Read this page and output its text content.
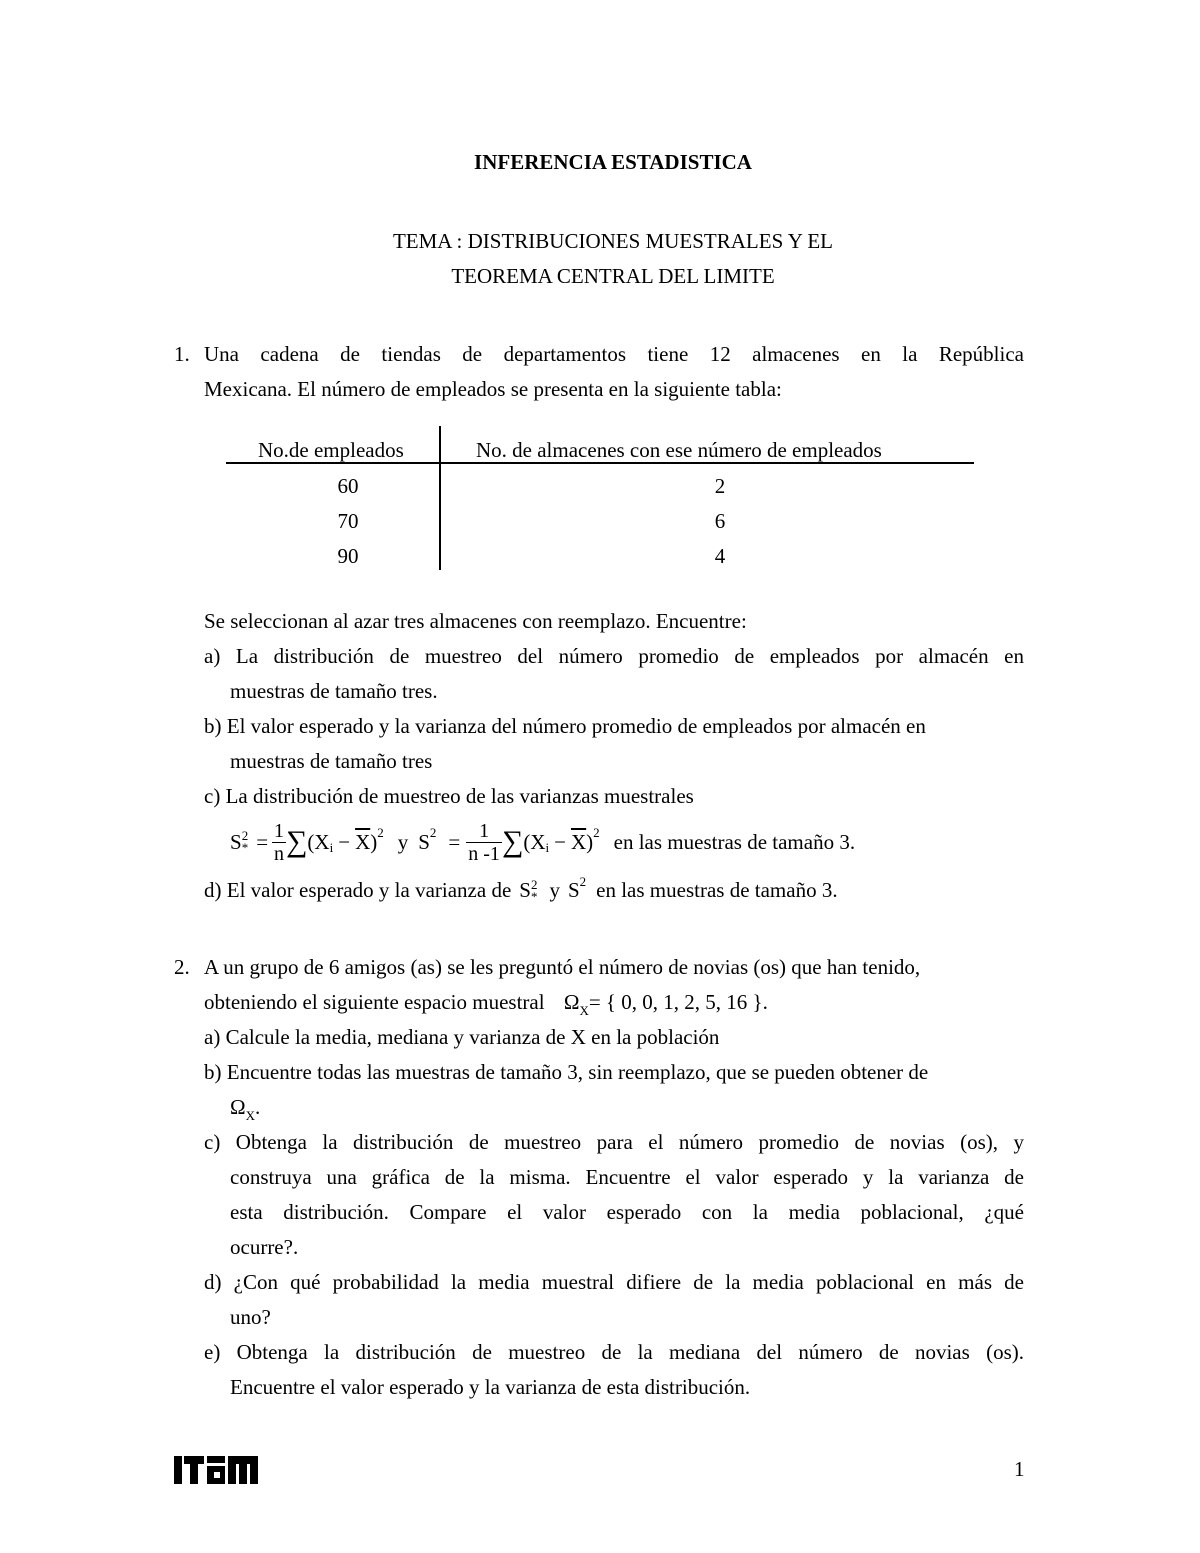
INFERENCIA ESTADISTICA
TEMA : DISTRIBUCIONES MUESTRALES Y EL
TEOREMA CENTRAL DEL LIMITE
1. Una cadena de tiendas de departamentos tiene 12 almacenes en la República
Mexicana. El número de empleados se presenta en la siguiente tabla:
No.de empleados	No. de almacenes con ese número de empleados
60	2
70	6
90	4
Se seleccionan al azar tres almacenes con reemplazo. Encuentre:
a) La distribución de muestreo del número promedio de empleados por almacén en
muestras de tamaño tres.
b) El valor esperado y la varianza del número promedio de empleados por almacén en
muestras de tamaño tres
c) La distribución de muestreo de las varianzas muestrales
S 2
* = $\frac{1}{n}$ ∑ (X $i - \overline{X}$ ) 2 y S $2 = \frac{1}{n -1}$ ∑ (X $i - \overline{X}$ ) 2 en las muestras de tamaño 3.
d) El valor esperado y la varianza de S 2
* y S 2 en las muestras de tamaño 3.
2. A un grupo de 6 amigos (as) se les preguntó el número de novias (os) que han tenido,
obteniendo el siguiente espacio muestral $\Omega_X=$ { 0, 0, 1, 2, 5, 16 }.
a) Calcule la media, mediana y varianza de X en la población
b) Encuentre todas las muestras de tamaño 3, sin reemplazo, que se pueden obtener de
$\Omega_X$.
c) Obtenga la distribución de muestreo para el número promedio de novias (os), y
construya una gráfica de la misma. Encuentre el valor esperado y la varianza de
esta distribución. Compare el valor esperado con la media poblacional, ¿qué
ocurre?.
d) ¿Con qué probabilidad la media muestral difiere de la media poblacional en más de
uno?
e) Obtenga la distribución de muestreo de la mediana del número de novias (os).
Encuentre el valor esperado y la varianza de esta distribución.
1
